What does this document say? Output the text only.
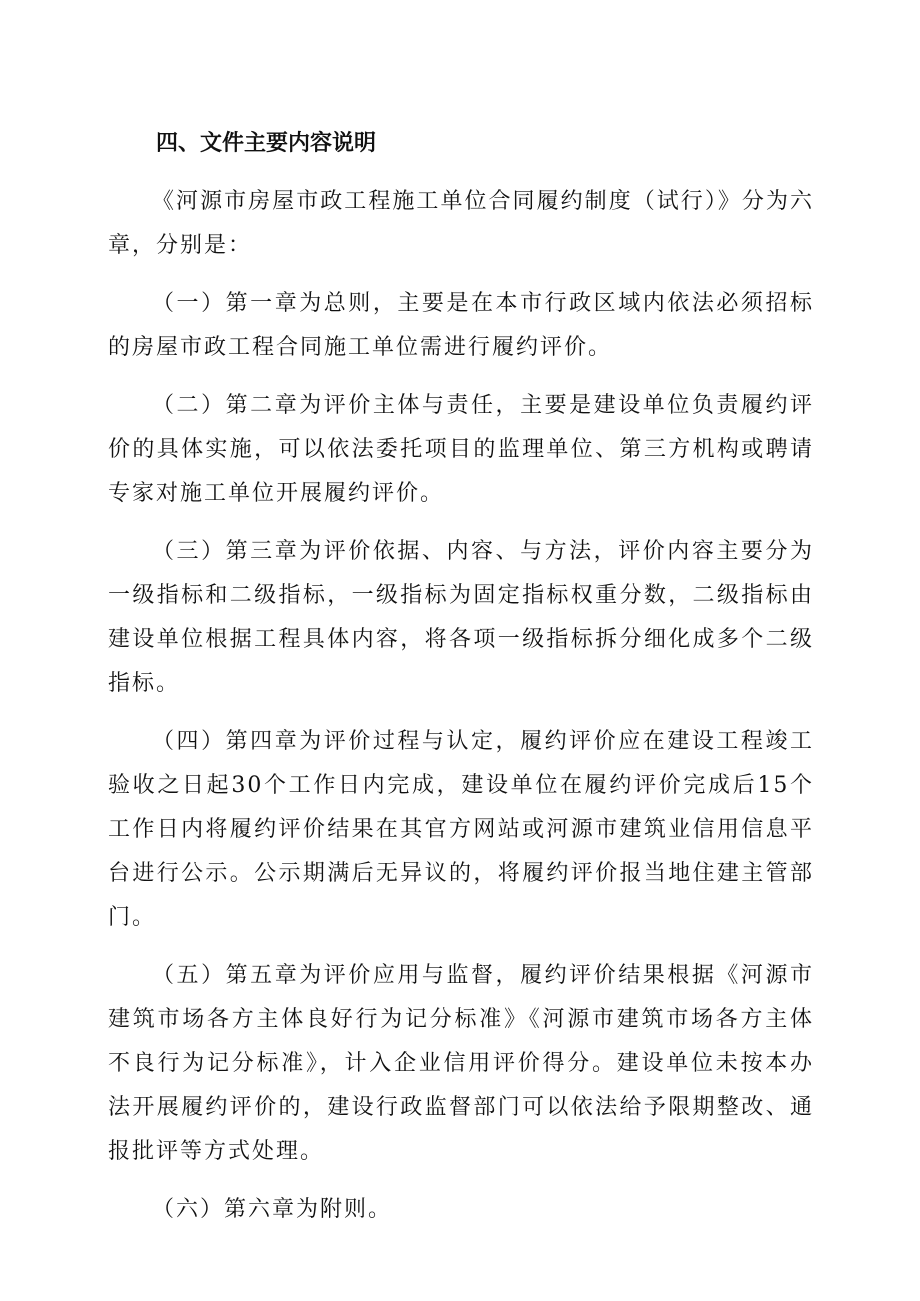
四、文件主要内容说明

《河源市房屋市政工程施工单位合同履约制度（试行）》分为六章，分别是：

（一）第一章为总则，主要是在本市行政区域内依法必须招标的房屋市政工程合同施工单位需进行履约评价。

（二）第二章为评价主体与责任，主要是建设单位负责履约评价的具体实施，可以依法委托项目的监理单位、第三方机构或聘请专家对施工单位开展履约评价。

（三）第三章为评价依据、内容、与方法，评价内容主要分为一级指标和二级指标，一级指标为固定指标权重分数，二级指标由建设单位根据工程具体内容，将各项一级指标拆分细化成多个二级指标。

（四）第四章为评价过程与认定，履约评价应在建设工程竣工验收之日起30个工作日内完成，建设单位在履约评价完成后15个工作日内将履约评价结果在其官方网站或河源市建筑业信用信息平台进行公示。公示期满后无异议的，将履约评价报当地住建主管部门。

（五）第五章为评价应用与监督，履约评价结果根据《河源市建筑市场各方主体良好行为记分标准》《河源市建筑市场各方主体不良行为记分标准》，计入企业信用评价得分。建设单位未按本办法开展履约评价的，建设行政监督部门可以依法给予限期整改、通报批评等方式处理。

（六）第六章为附则。
